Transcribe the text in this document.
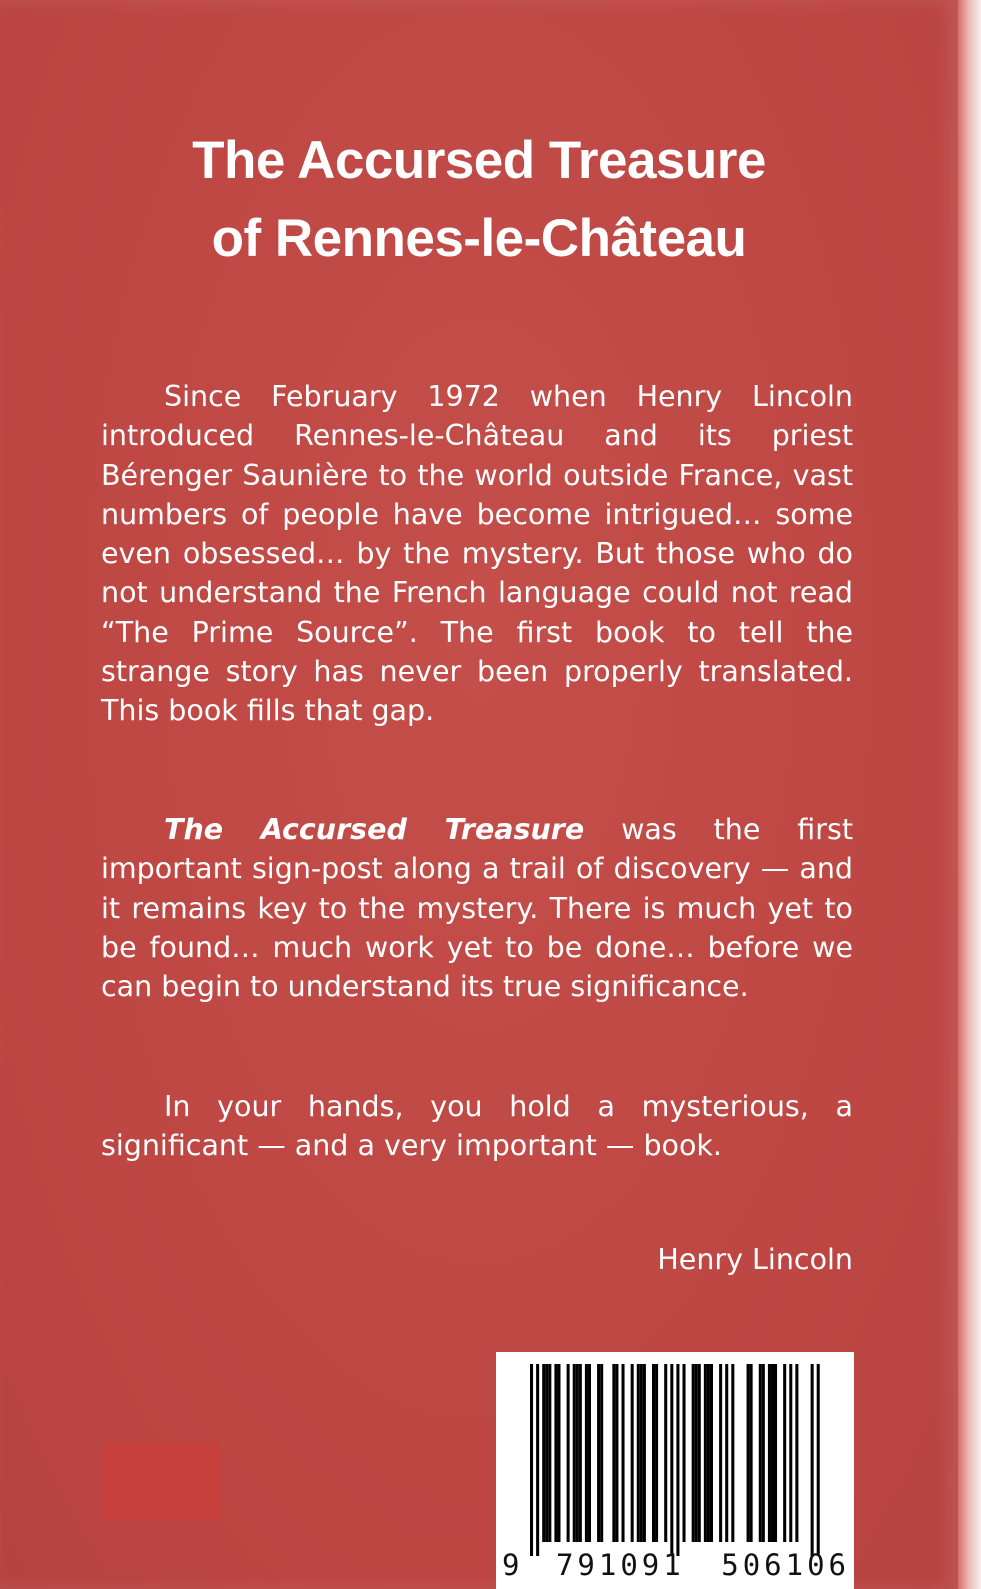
The Accursed Treasure
of Rennes-le-Château

Since February 1972 when Henry Lincoln introduced Rennes-le-Château and its priest Bérenger Saunière to the world outside France, vast numbers of people have become intrigued… some even obsessed… by the mystery. But those who do not understand the French language could not read “The Prime Source”. The first book to tell the strange story has never been properly translated. This book fills that gap.

The Accursed Treasure was the first important sign-post along a trail of discovery — and it remains key to the mystery. There is much yet to be found… much work yet to be done… before we can begin to understand its true significance.

In your hands, you hold a mysterious, a significant — and a very important — book.

Henry Lincoln
9 791091 506106
